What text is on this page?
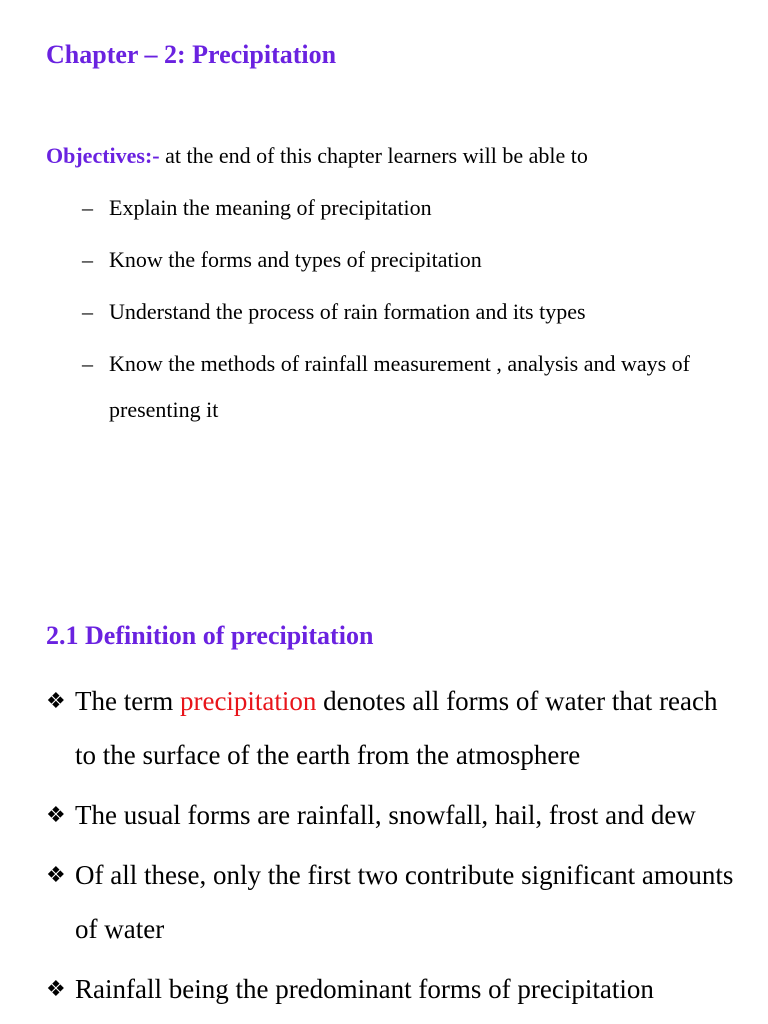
Chapter – 2: Precipitation
Objectives:- at the end of this chapter learners will be able to
– Explain the meaning of precipitation
– Know the forms and types of precipitation
– Understand the process of rain formation and its types
– Know the methods of rainfall measurement , analysis and ways of presenting it
2.1 Definition of precipitation
❖ The term precipitation denotes all forms of water that reach to the surface of the earth from the atmosphere
❖ The usual forms are rainfall, snowfall, hail, frost and dew
❖ Of all these, only the first two contribute significant amounts of water
❖ Rainfall being the predominant forms of precipitation
